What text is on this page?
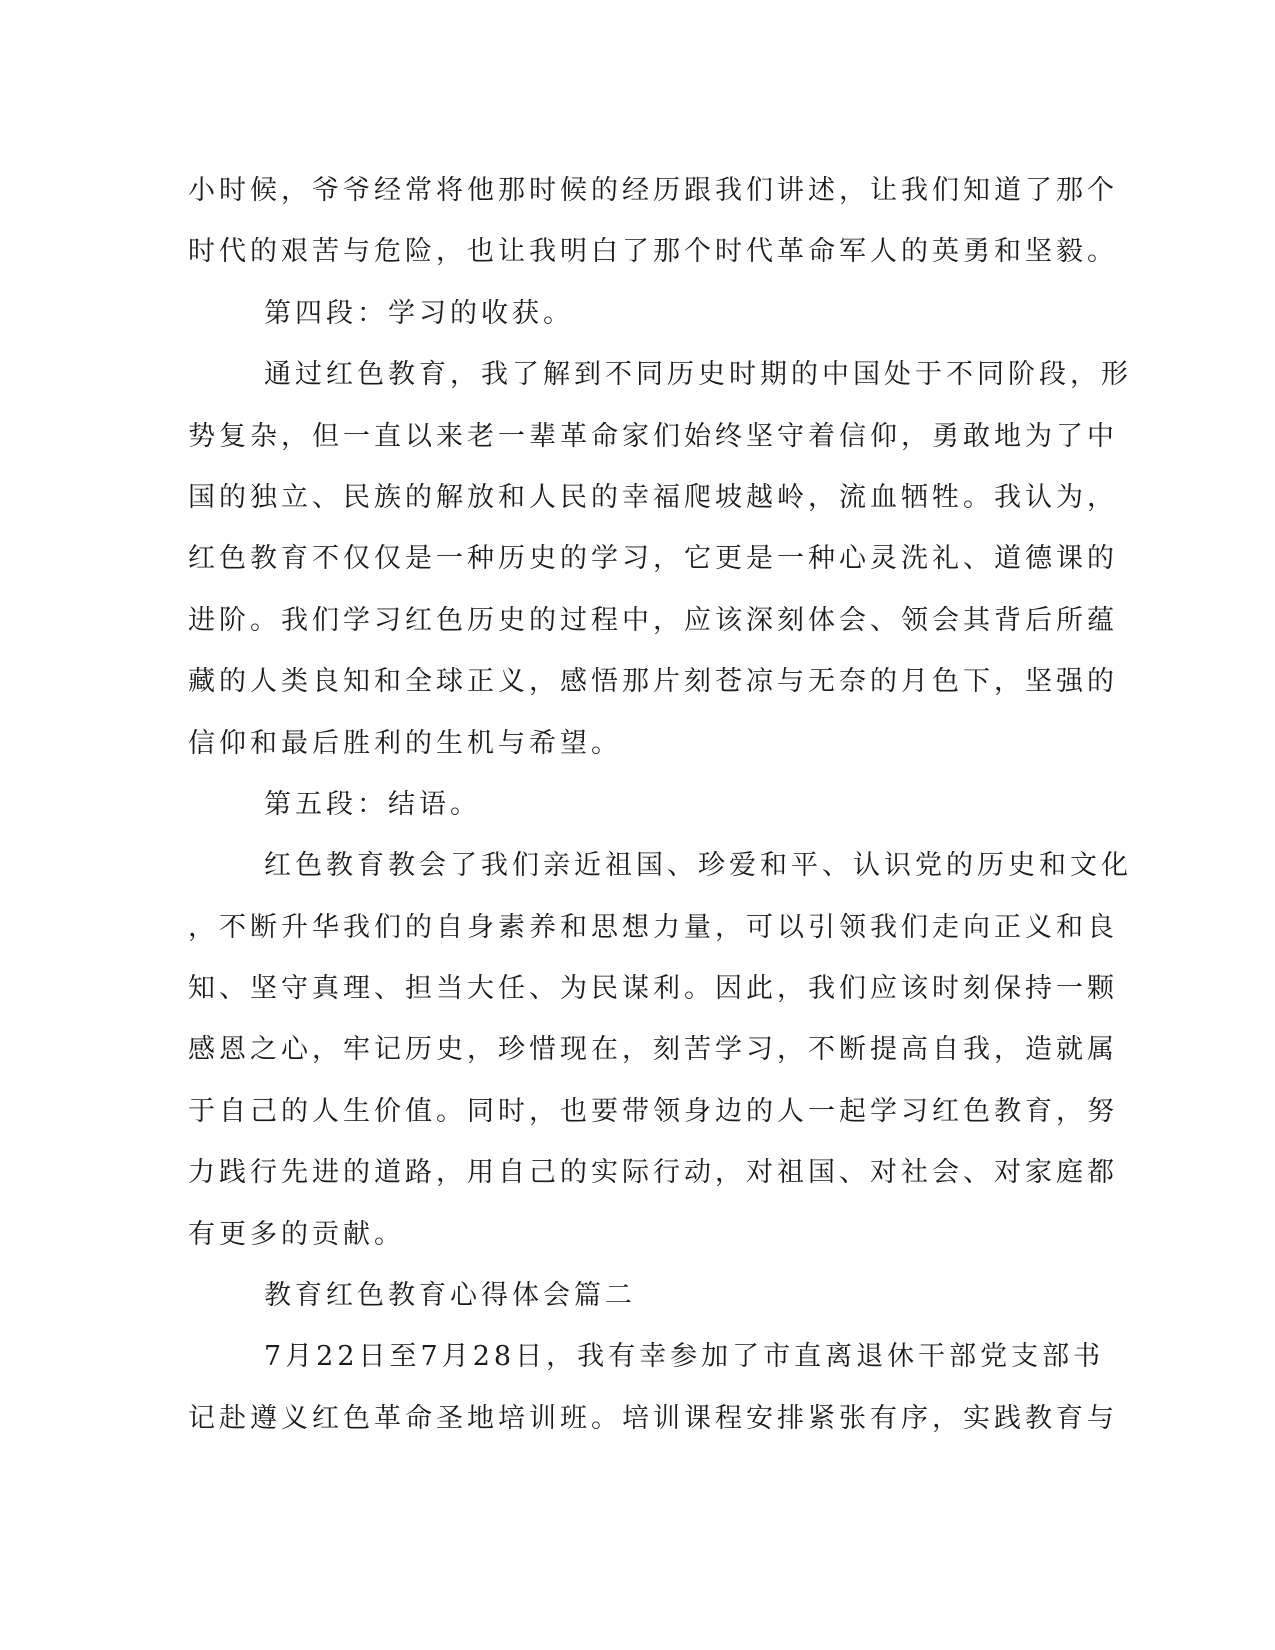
小时候，爷爷经常将他那时候的经历跟我们讲述，让我们知道了那个
时代的艰苦与危险，也让我明白了那个时代革命军人的英勇和坚毅。
第四段：学习的收获。
通过红色教育，我了解到不同历史时期的中国处于不同阶段，形
势复杂，但一直以来老一辈革命家们始终坚守着信仰，勇敢地为了中
国的独立、民族的解放和人民的幸福爬坡越岭，流血牺牲。我认为，
红色教育不仅仅是一种历史的学习，它更是一种心灵洗礼、道德课的
进阶。我们学习红色历史的过程中，应该深刻体会、领会其背后所蕴
藏的人类良知和全球正义，感悟那片刻苍凉与无奈的月色下，坚强的
信仰和最后胜利的生机与希望。
第五段：结语。
红色教育教会了我们亲近祖国、珍爱和平、认识党的历史和文化
，不断升华我们的自身素养和思想力量，可以引领我们走向正义和良
知、坚守真理、担当大任、为民谋利。因此，我们应该时刻保持一颗
感恩之心，牢记历史，珍惜现在，刻苦学习，不断提高自我，造就属
于自己的人生价值。同时，也要带领身边的人一起学习红色教育，努
力践行先进的道路，用自己的实际行动，对祖国、对社会、对家庭都
有更多的贡献。
教育红色教育心得体会篇二
7月22日至7月28日，我有幸参加了市直离退休干部党支部书
记赴遵义红色革命圣地培训班。培训课程安排紧张有序，实践教育与
